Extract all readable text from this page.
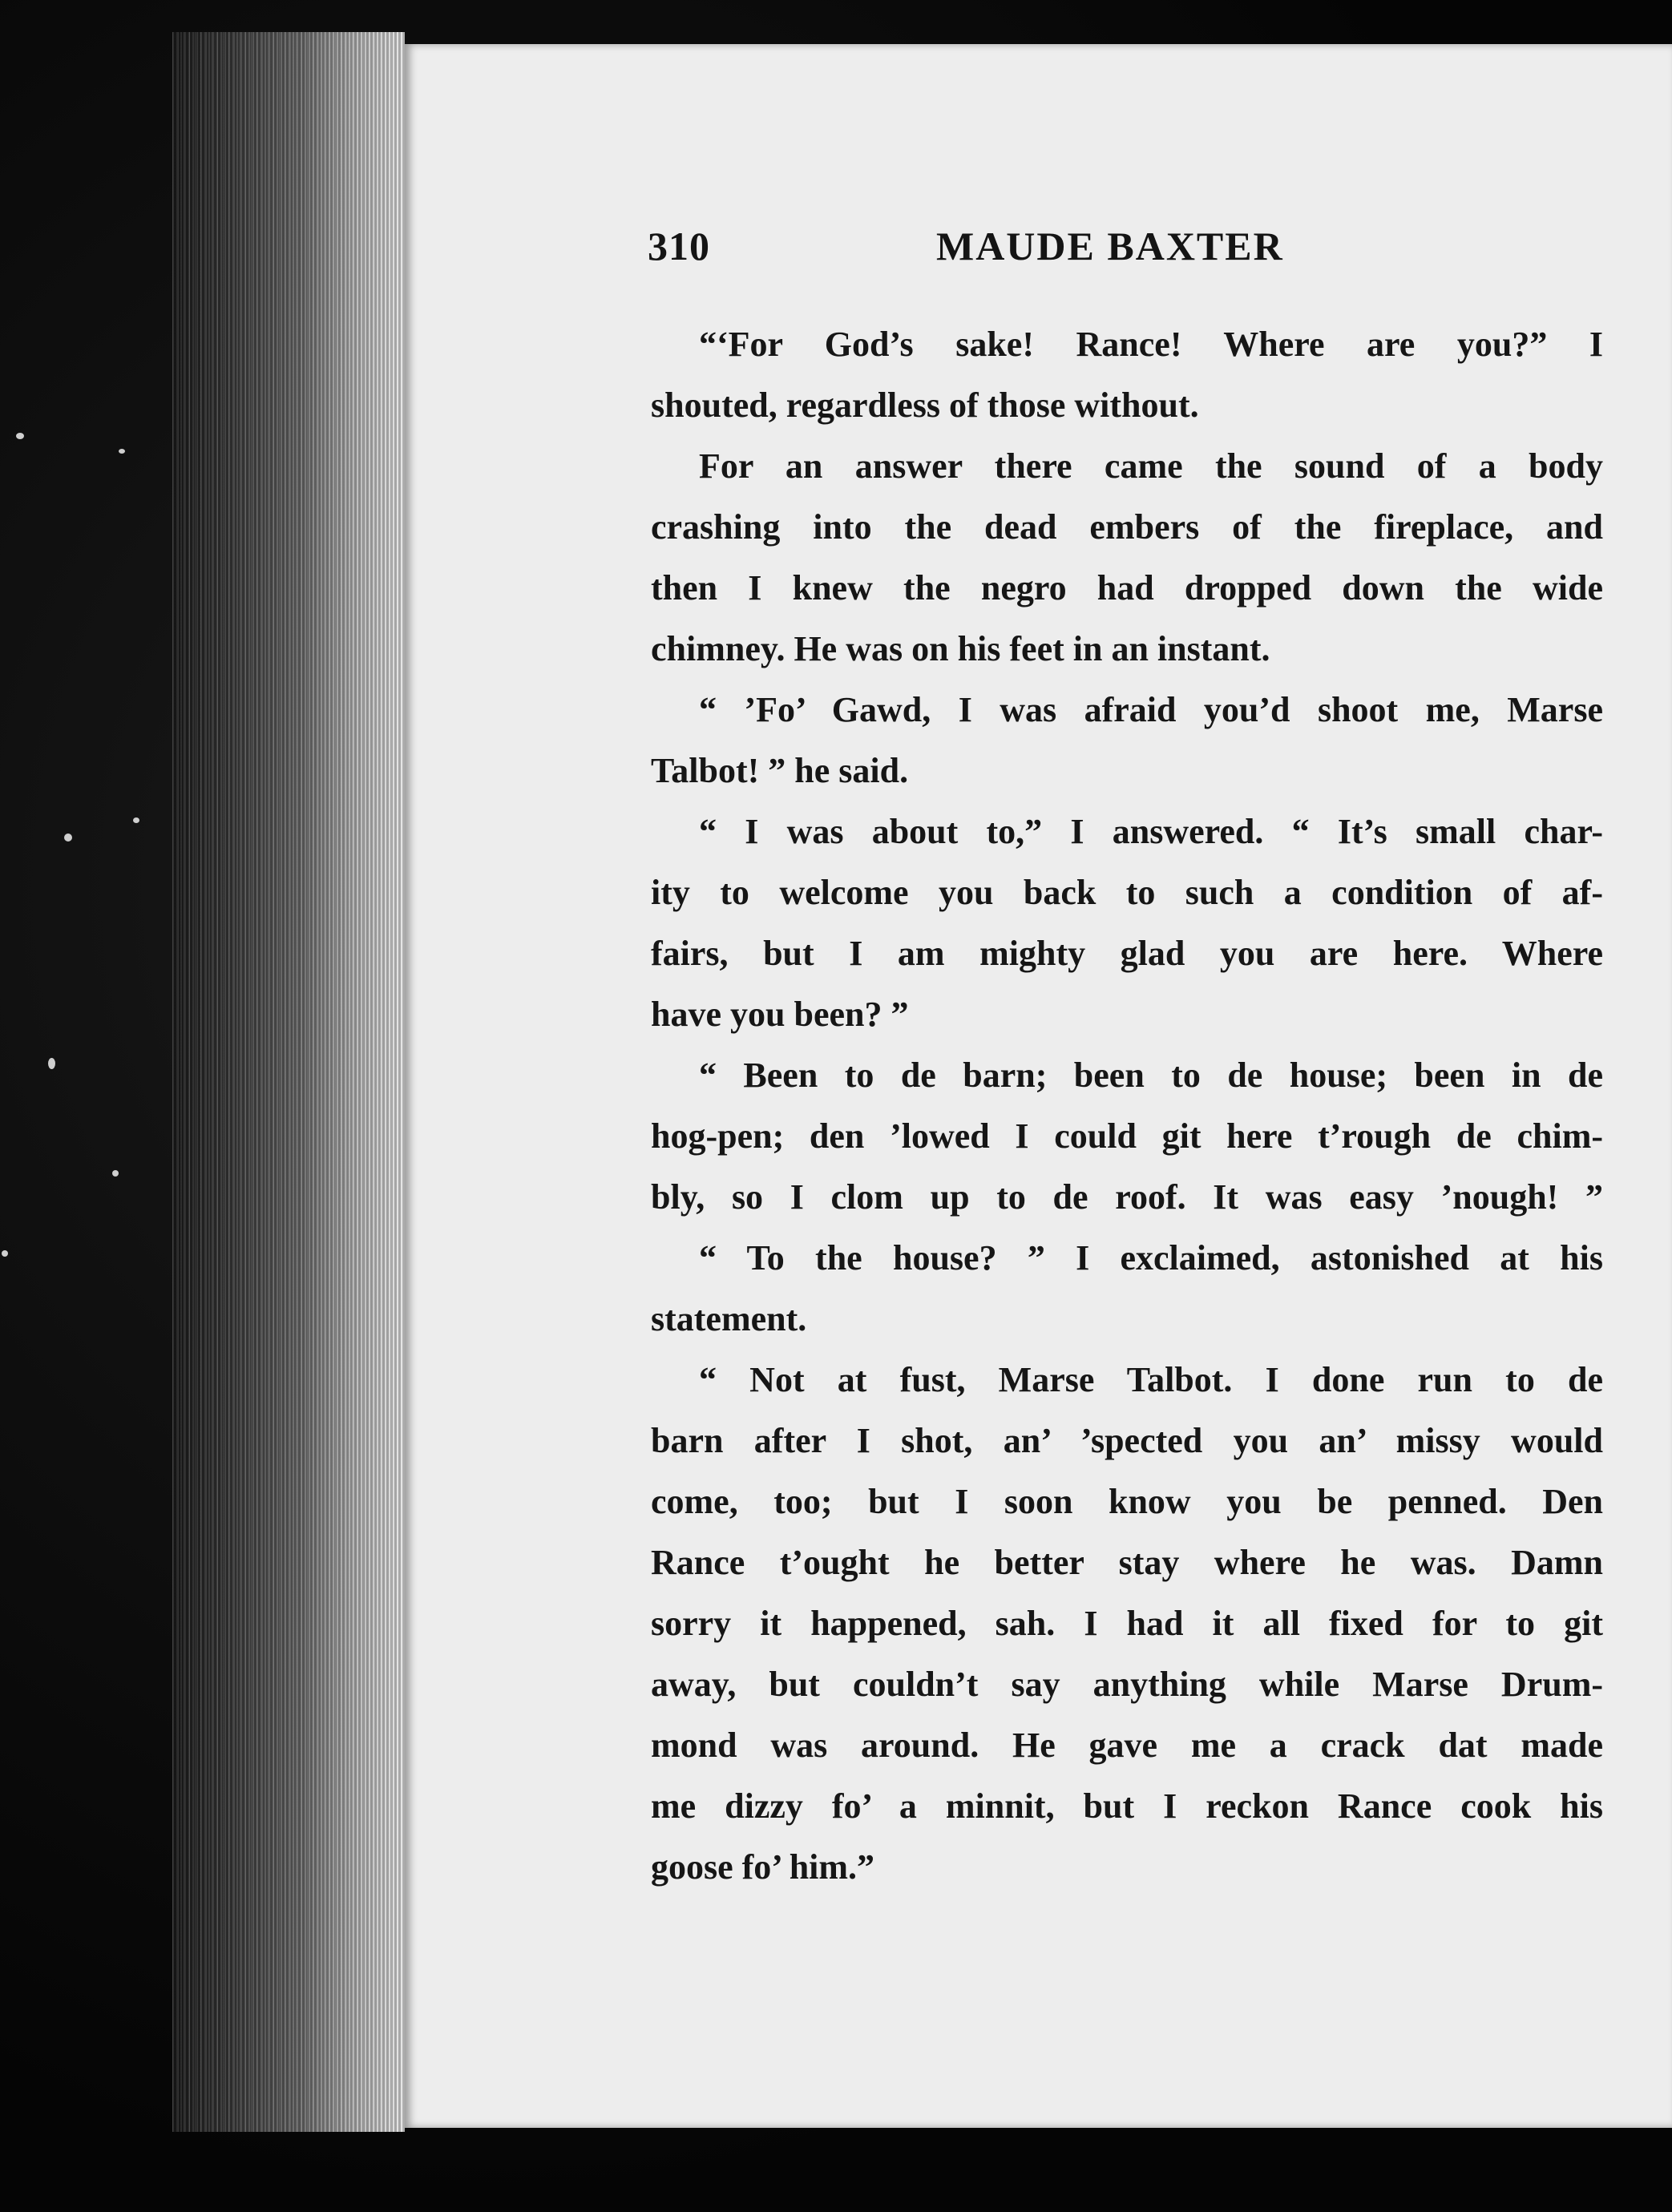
310	MAUDE BAXTER
“‘For God’s sake! Rance! Where are you?” I
shouted, regardless of those without.
For an answer there came the sound of a body
crashing into the dead embers of the fireplace, and
then I knew the negro had dropped down the wide
chimney. He was on his feet in an instant.
“ ’Fo’ Gawd, I was afraid you’d shoot me, Marse
Talbot! ” he said.
“ I was about to,” I answered. “ It’s small char-
ity to welcome you back to such a condition of af-
fairs, but I am mighty glad you are here. Where
have you been? ”
“ Been to de barn; been to de house; been in de
hog-pen; den ’lowed I could git here t’rough de chim-
bly, so I clom up to de roof. It was easy ’nough! ”
“ To the house? ” I exclaimed, astonished at his
statement.
“ Not at fust, Marse Talbot. I done run to de
barn after I shot, an’ ’spected you an’ missy would
come, too; but I soon know you be penned. Den
Rance t’ought he better stay where he was. Damn
sorry it happened, sah. I had it all fixed for to git
away, but couldn’t say anything while Marse Drum-
mond was around. He gave me a crack dat made
me dizzy fo’ a minnit, but I reckon Rance cook his
goose fo’ him.”
